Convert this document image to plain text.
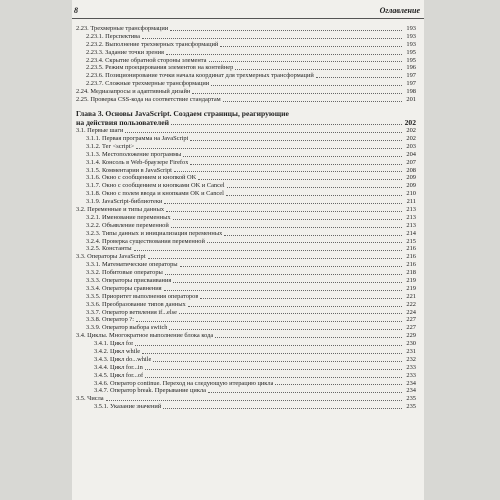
8	Оглавление
2.23. Трехмерные трансформации	193
2.23.1. Перспектива	193
2.23.2. Выполнение трехмерных трансформаций	193
2.23.3. Задание точки зрения	195
2.23.4. Скрытие обратной стороны элемента	195
2.23.5. Режим проецирования элементов на контейнер	196
2.23.6. Позиционирование точки начала координат для трехмерных трансформаций	197
2.23.7. Сложные трехмерные трансформации	197
2.24. Медиазапросы и адаптивный дизайн	198
2.25. Проверка CSS-кода на соответствие стандартам	201
Глава 3. Основы JavaScript. Создаем страницы, реагирующие
на действия пользователей	202
3.1. Первые шаги	202
3.1.1. Первая программа на JavaScript	202
3.1.2. Тег <script>	203
3.1.3. Местоположение программы	204
3.1.4. Консоль в Web-браузере Firefox	207
3.1.5. Комментарии в JavaScript	208
3.1.6. Окно с сообщением и кнопкой OK	209
3.1.7. Окно с сообщением и кнопками OK и Cancel	209
3.1.8. Окно с полем ввода и кнопками OK и Cancel	210
3.1.9. JavaScript-библиотеки	211
3.2. Переменные и типы данных	213
3.2.1. Именование переменных	213
3.2.2. Объявление переменной	213
3.2.3. Типы данных и инициализация переменных	214
3.2.4. Проверка существования переменной	215
3.2.5. Константы	216
3.3. Операторы JavaScript	216
3.3.1. Математические операторы	216
3.3.2. Побитовые операторы	218
3.3.3. Операторы присваивания	219
3.3.4. Операторы сравнения	219
3.3.5. Приоритет выполнения операторов	221
3.3.6. Преобразование типов данных	222
3.3.7. Оператор ветвления if...else	224
3.3.8. Оператор ?:	227
3.3.9. Оператор выбора switch	227
3.4. Циклы. Многократное выполнение блока кода	229
3.4.1. Цикл for	230
3.4.2. Цикл while	231
3.4.3. Цикл do...while	232
3.4.4. Цикл for...in	233
3.4.5. Цикл for...of	233
3.4.6. Оператор continue. Переход на следующую итерацию цикла	234
3.4.7. Оператор break. Прерывание цикла	234
3.5. Числа	235
3.5.1. Указание значений	235
